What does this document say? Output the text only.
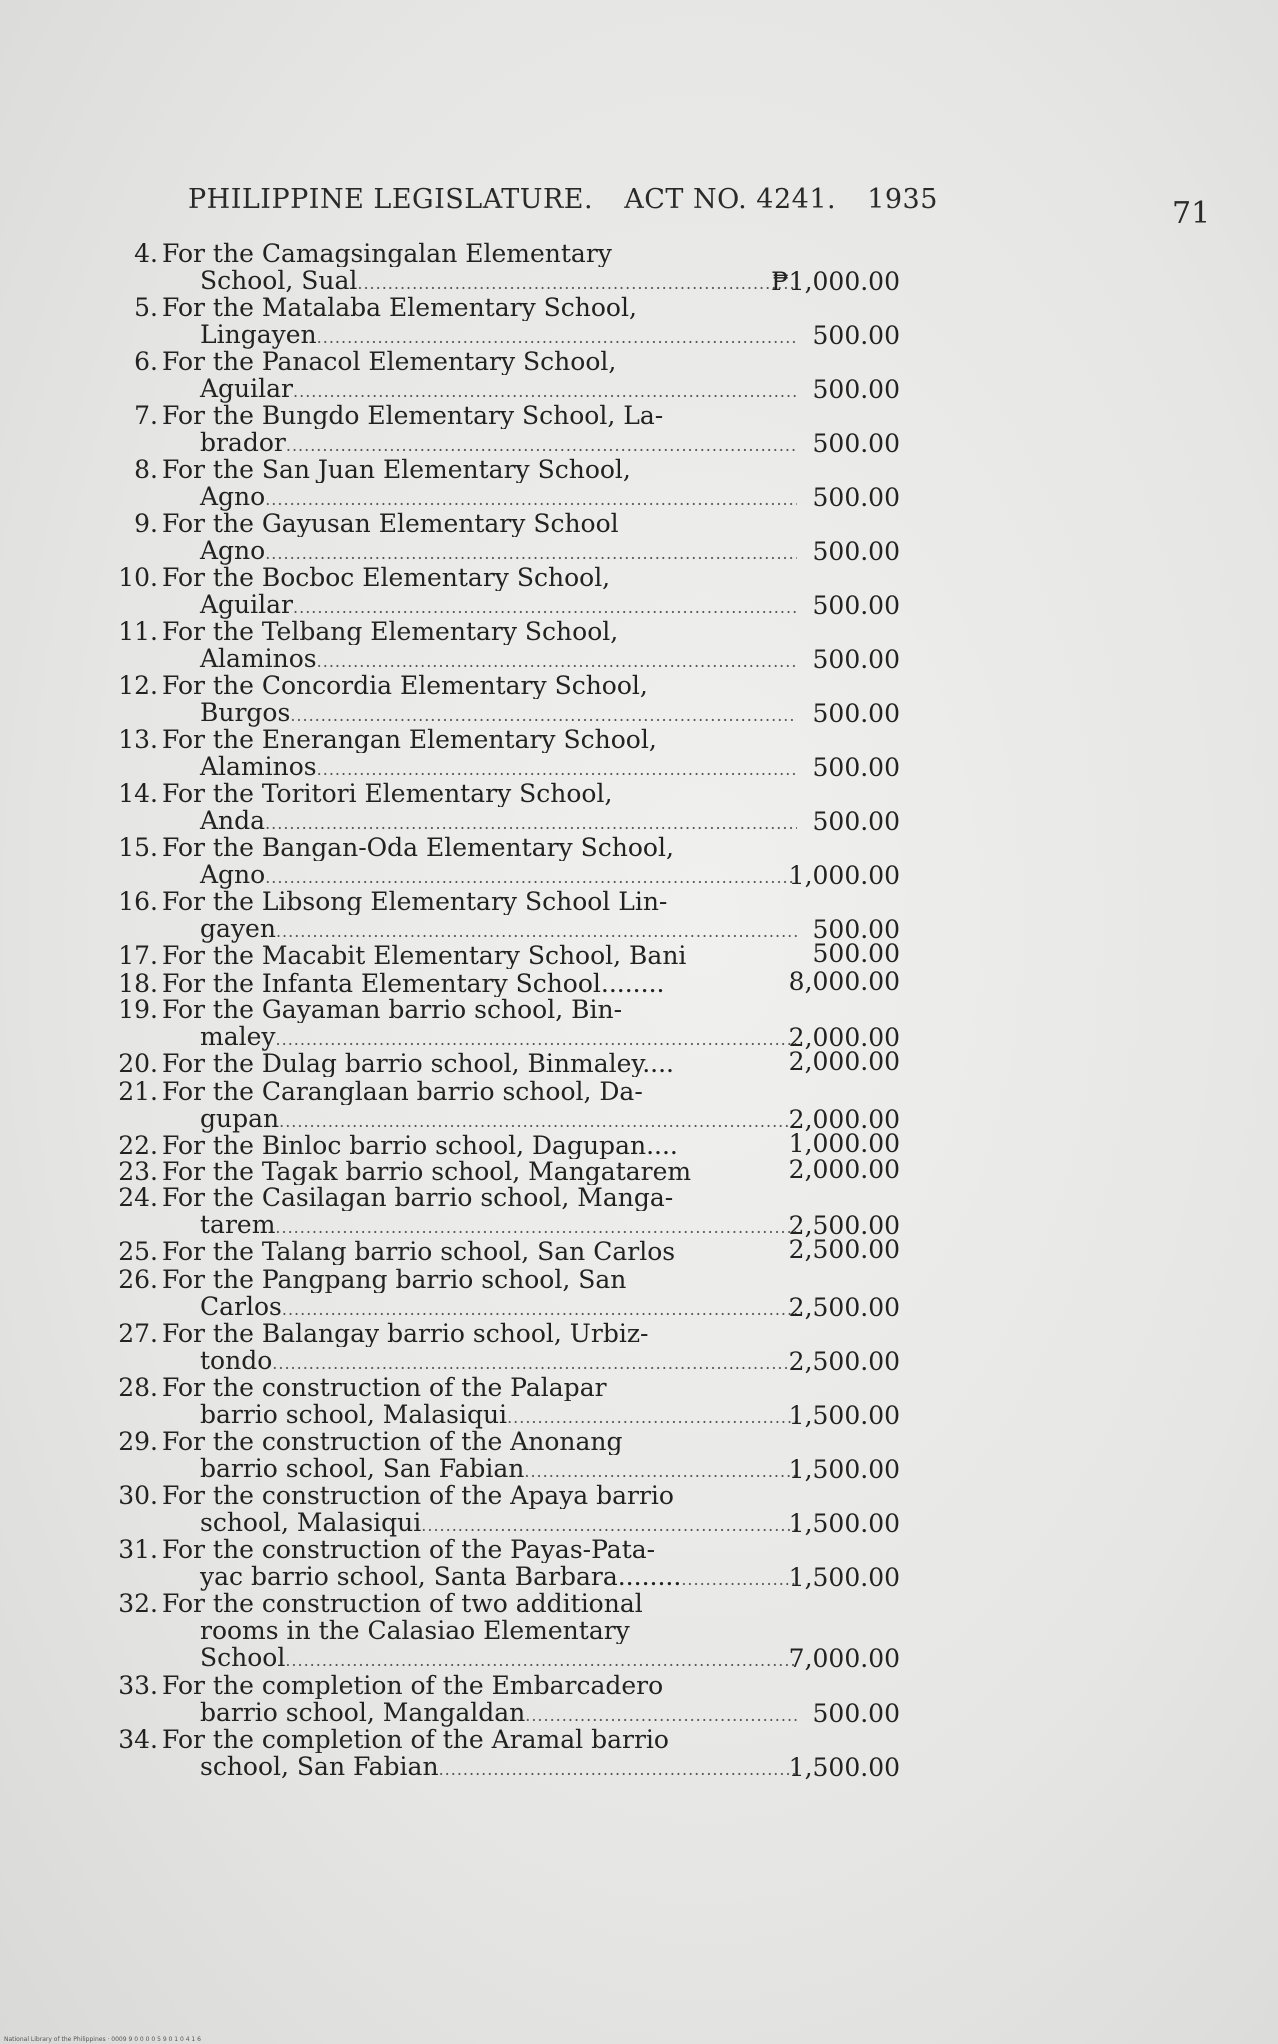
PHILIPPINE LEGISLATURE. ACT NO. 4241. 1935	71
4. For the Camagsingalan Elementary
School, Sual .....	₱1,000.00
5. For the Matalaba Elementary School,
Lingayen .....	500.00
6. For the Panacol Elementary School,
Aguilar .....	500.00
7. For the Bungdo Elementary School, La-
brador .....	500.00
8. For the San Juan Elementary School,
Agno .....	500.00
9. For the Gayusan Elementary School
Agno .....	500.00
10. For the Bocboc Elementary School,
Aguilar .....	500.00
11. For the Telbang Elementary School,
Alaminos .....	500.00
12. For the Concordia Elementary School,
Burgos .....	500.00
13. For the Enerangan Elementary School,
Alaminos .....	500.00
14. For the Toritori Elementary School,
Anda .....	500.00
15. For the Bangan-Oda Elementary School,
Agno .....	1,000.00
16. For the Libsong Elementary School Lin-
gayen .....	500.00
17. For the Macabit Elementary School, Bani	500.00
18. For the Infanta Elementary School........	8,000.00
19. For the Gayaman barrio school, Bin-
maley .....	2,000.00
20. For the Dulag barrio school, Binmaley....	2,000.00
21. For the Caranglaan barrio school, Da-
gupan .....	2,000.00
22. For the Binloc barrio school, Dagupan....	1,000.00
23. For the Tagak barrio school, Mangatarem	2,000.00
24. For the Casilagan barrio school, Manga-
tarem .....	2,500.00
25. For the Talang barrio school, San Carlos	2,500.00
26. For the Pangpang barrio school, San
Carlos .....	2,500.00
27. For the Balangay barrio school, Urbiz-
tondo .....	2,500.00
28. For the construction of the Palapar
barrio school, Malasiqui .....	1,500.00
29. For the construction of the Anonang
barrio school, San Fabian .....	1,500.00
30. For the construction of the Apaya barrio
school, Malasiqui .....	1,500.00
31. For the construction of the Payas-Pata-
yac barrio school, Santa Barbara........ .....	1,500.00
32. For the construction of two additional
rooms in the Calasiao Elementary
School .....	7,000.00
33. For the completion of the Embarcadero
barrio school, Mangaldan .....	500.00
34. For the completion of the Aramal barrio
school, San Fabian .....	1,500.00
National Library of the Philippines · 0009 9 0 0 0 0 5 9 0 1 0 4 1 6
